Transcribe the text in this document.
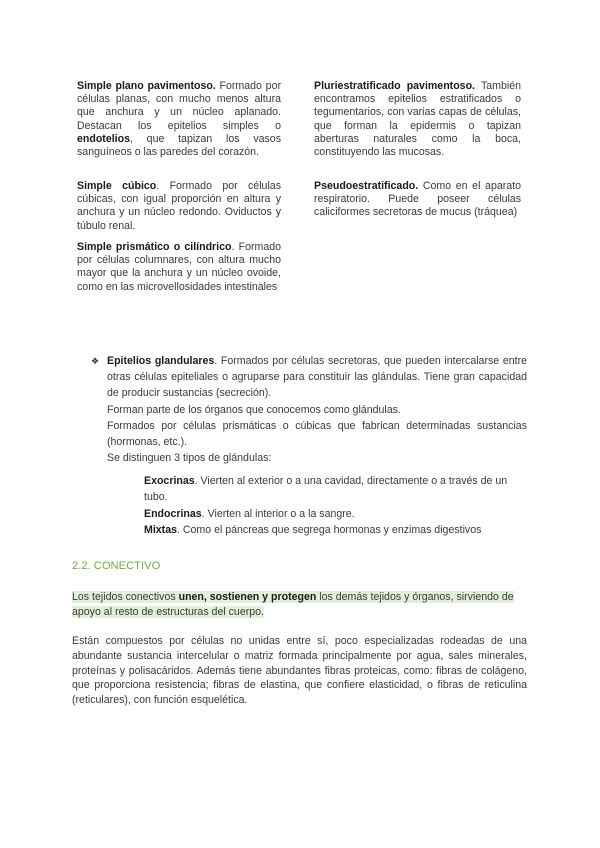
Simple plano pavimentoso. Formado por células planas, con mucho menos altura que anchura y un núcleo aplanado. Destacan los epitelios simples o endotelios, que tapizan los vasos sanguíneos o las paredes del corazón.

Simple cúbico. Formado por células cúbicas, con igual proporción en altura y anchura y un núcleo redondo. Oviductos y túbulo renal.

Simple prismático o cilíndrico. Formado por células columnares, con altura mucho mayor que la anchura y un núcleo ovoide, como en las microvellosidades intestinales

Pluriestratificado pavimentoso. También encontramos epitelios estratificados o tegumentarios, con varias capas de células, que forman la epidermis o tapizan aberturas naturales como la boca, constituyendo las mucosas.

Pseudoestratificado. Como en el aparato respiratorio. Puede poseer células caliciformes secretoras de mucus (tráquea)

❖ Epitelios glandulares. Formados por células secretoras, que pueden intercalarse entre otras células epiteliales o agruparse para constituir las glándulas. Tiene gran capacidad de producir sustancias (secreción).

Forman parte de los órganos que conocemos como glándulas.

Formados por células prismáticas o cúbicas que fabrican determinadas sustancias (hormonas, etc.).

Se distinguen 3 tipos de glándulas:

Exocrinas. Vierten al exterior o a una cavidad, directamente o a través de un tubo.

Endocrinas. Vierten al interior o a la sangre.

Mixtas. Como el páncreas que segrega hormonas y enzimas digestivos

2.2. CONECTIVO
Los tejidos conectivos unen, sostienen y protegen los demás tejidos y órganos, sirviendo de apoyo al resto de estructuras del cuerpo.
Están compuestos por células no unidas entre sí, poco especializadas rodeadas de una abundante sustancia intercelular o matriz formada principalmente por agua, sales minerales, proteínas y polisacáridos. Además tiene abundantes fibras proteicas, como: fibras de colágeno, que proporciona resistencia; fibras de elastina, que confiere elasticidad, o fibras de reticulina (reticulares), con función esquelética.
